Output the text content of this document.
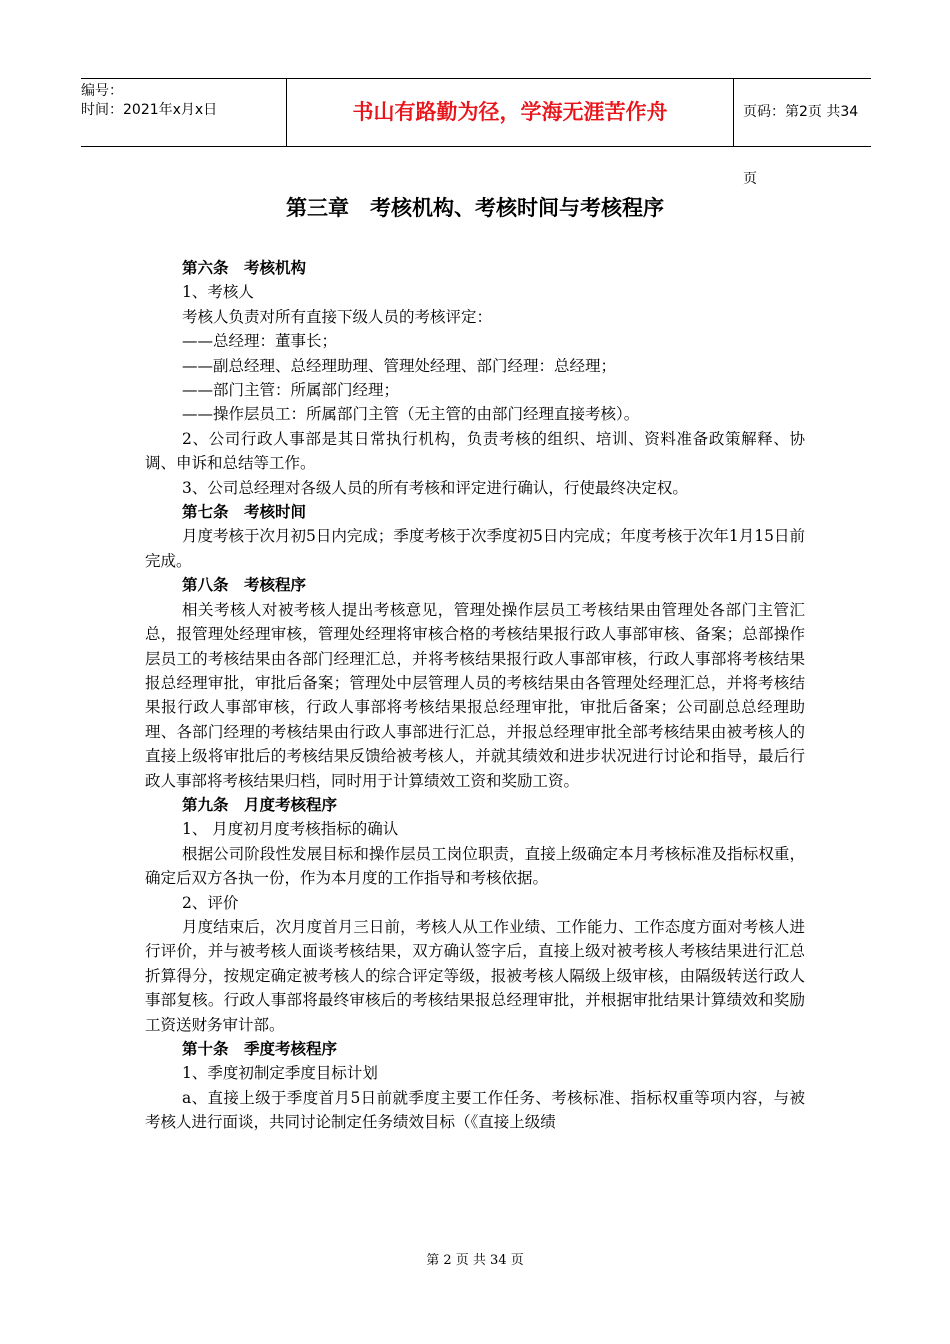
编号：
时间：2021年x月x日	书山有路勤为径，学海无涯苦作舟	页码：第2页 共34页
第三章　考核机构、考核时间与考核程序

第六条　考核机构

1、考核人

考核人负责对所有直接下级人员的考核评定：

——总经理：董事长；

——副总经理、总经理助理、管理处经理、部门经理：总经理；

——部门主管：所属部门经理；

——操作层员工：所属部门主管（无主管的由部门经理直接考核）。

2、公司行政人事部是其日常执行机构，负责考核的组织、培训、资料准备政策解释、协调、申诉和总结等工作。

3、公司总经理对各级人员的所有考核和评定进行确认，行使最终决定权。

第七条　考核时间

月度考核于次月初5日内完成；季度考核于次季度初5日内完成；年度考核于次年1月15日前完成。

第八条　考核程序

相关考核人对被考核人提出考核意见，管理处操作层员工考核结果由管理处各部门主管汇总，报管理处经理审核，管理处经理将审核合格的考核结果报行政人事部审核、备案；总部操作层员工的考核结果由各部门经理汇总，并将考核结果报行政人事部审核，行政人事部将考核结果报总经理审批，审批后备案；管理处中层管理人员的考核结果由各管理处经理汇总，并将考核结果报行政人事部审核，行政人事部将考核结果报总经理审批，审批后备案；公司副总总经理助理、各部门经理的考核结果由行政人事部进行汇总，并报总经理审批全部考核结果由被考核人的直接上级将审批后的考核结果反馈给被考核人，并就其绩效和进步状况进行讨论和指导，最后行政人事部将考核结果归档，同时用于计算绩效工资和奖励工资。

第九条　月度考核程序

1、 月度初月度考核指标的确认

根据公司阶段性发展目标和操作层员工岗位职责，直接上级确定本月考核标准及指标权重，确定后双方各执一份，作为本月度的工作指导和考核依据。

2、评价

月度结束后，次月度首月三日前，考核人从工作业绩、工作能力、工作态度方面对考核人进行评价，并与被考核人面谈考核结果，双方确认签字后，直接上级对被考核人考核结果进行汇总折算得分，按规定确定被考核人的综合评定等级，报被考核人隔级上级审核，由隔级转送行政人事部复核。行政人事部将最终审核后的考核结果报总经理审批，并根据审批结果计算绩效和奖励工资送财务审计部。

第十条　季度考核程序

1、季度初制定季度目标计划

a、直接上级于季度首月5日前就季度主要工作任务、考核标准、指标权重等项内容，与被考核人进行面谈，共同讨论制定任务绩效目标（《直接上级绩

第 2 页 共 34 页
